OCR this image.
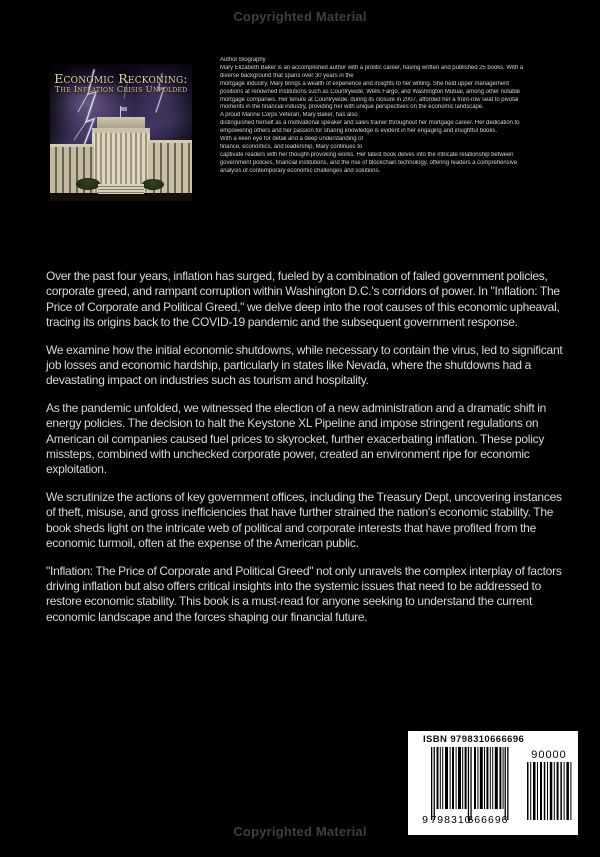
Copyrighted Material
Economic Reckoning:
The Inflation Crisis Unfolded
Author Biography
Mary Elizabeth Baker is an accomplished author with a prolific career, having written and published 25 books. With a
diverse background that spans over 30 years in the
mortgage industry, Mary brings a wealth of experience and insights to her writing. She held upper management
positions at renowned institutions such as Countrywide, Wells Fargo, and Washington Mutual, among other notable
mortgage companies. Her tenure at Countrywide, during its closure in 2007, afforded her a front-row seat to pivotal
moments in the financial industry, providing her with unique perspectives on the economic landscape.
A proud Marine Corps Veteran, Mary Baker, has also
distinguished herself as a motivational speaker and sales trainer throughout her mortgage career. Her dedication to
empowering others and her passion for sharing knowledge is evident in her engaging and insightful books.
With a keen eye for detail and a deep understanding of
finance, economics, and leadership, Mary continues to
captivate readers with her thought-provoking works. Her latest book delves into the intricate relationship between
government policies, financial institutions, and the rise of blockchain technology, offering readers a comprehensive
analysis of contemporary economic challenges and solutions.
Over the past four years, inflation has surged, fueled by a combination of failed government policies, corporate greed, and rampant corruption within Washington D.C.'s corridors of power. In "Inflation: The Price of Corporate and Political Greed," we delve deep into the root causes of this economic upheaval, tracing its origins back to the COVID-19 pandemic and the subsequent government response.
We examine how the initial economic shutdowns, while necessary to contain the virus, led to significant job losses and economic hardship, particularly in states like Nevada, where the shutdowns had a devastating impact on industries such as tourism and hospitality.
As the pandemic unfolded, we witnessed the election of a new administration and a dramatic shift in energy policies. The decision to halt the Keystone XL Pipeline and impose stringent regulations on American oil companies caused fuel prices to skyrocket, further exacerbating inflation. These policy missteps, combined with unchecked corporate power, created an environment ripe for economic exploitation.
We scrutinize the actions of key government offices, including the Treasury Dept, uncovering instances of theft, misuse, and gross inefficiencies that have further strained the nation's economic stability. The book sheds light on the intricate web of political and corporate interests that have profited from the economic turmoil, often at the expense of the American public.
"Inflation: The Price of Corporate and Political Greed" not only unravels the complex interplay of factors driving inflation but also offers critical insights into the systemic issues that need to be addressed to restore economic stability. This book is a must-read for anyone seeking to understand the current economic landscape and the forces shaping our financial future.
ISBN 9798310666696
9 798310
666696
90000
Copyrighted Material
